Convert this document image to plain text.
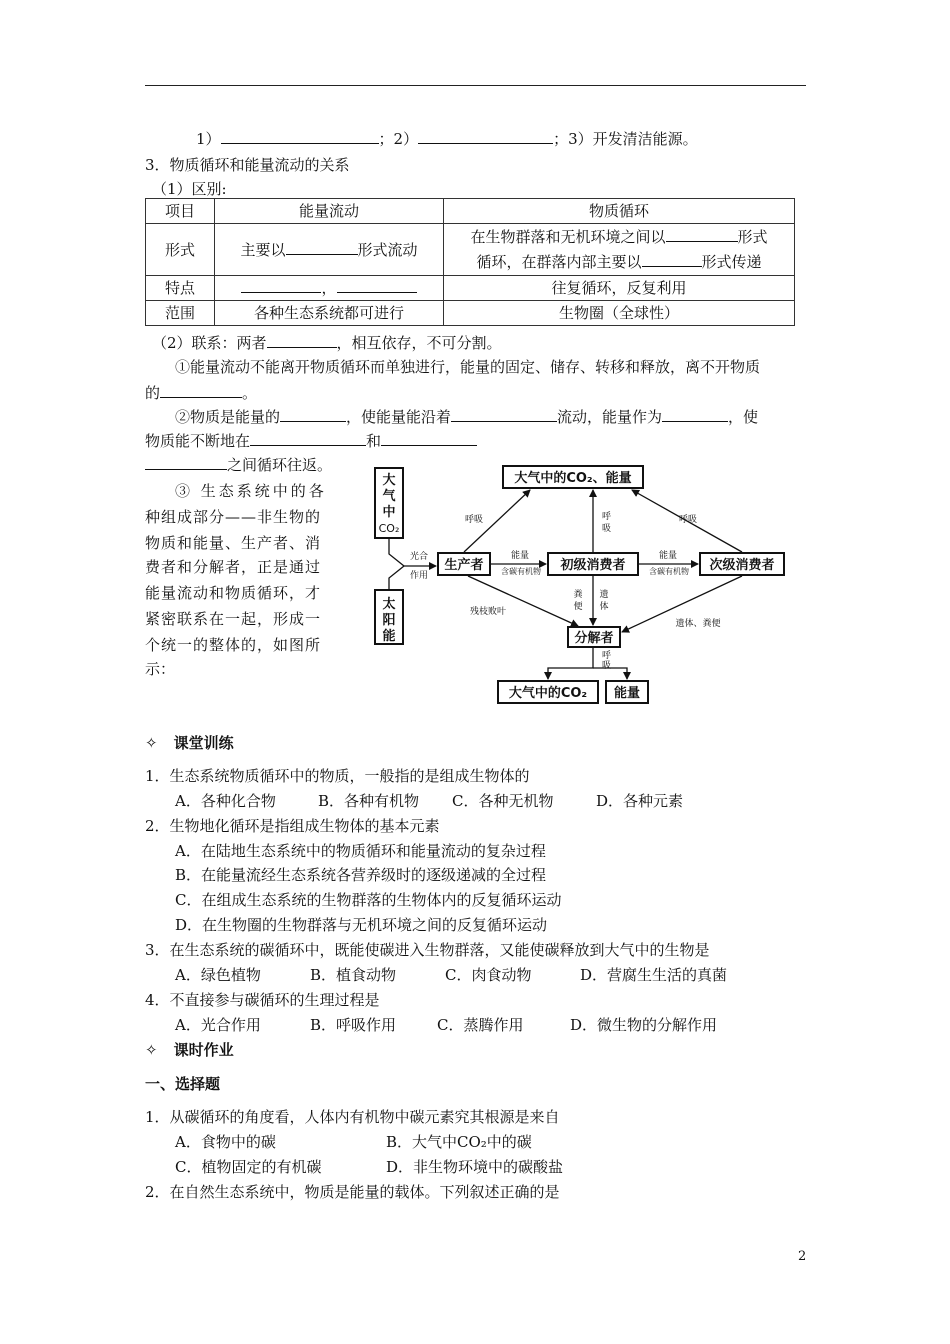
1）	；2）	；3）开发清洁能源。
3．物质循环和能量流动的关系
（1）区别:
项目	能量流动	物质循环
形式	主要以 形式流动	在生物群落和无机环境之间以 形式
循环，在群落内部主要以 形式传递
特点	，	往复循环，反复利用
范围	各种生态系统都可进行	生物圈（全球性）
（2）联系：两者	，相互依存，不可分割。
①能量流动不能离开物质循环而单独进行，能量的固定、储存、转移和释放，离不开物质
的	。
②物质是能量的	，使能量能沿着	流动，能量作为	，使
物质能不断地在	和
之间循环往返。
③ 生态系统中的各
种组成部分——非生物的
物质和能量、生产者、消
费者和分解者，正是通过
能量流动和物质循环，才
紧密联系在一起，形成一
个统一的整体的，如图所
示：
大气中的CO₂、能量
大
气
中
CO₂
太
阳
能
光合
作用
生产者	初级消费者	次级消费者
分解者
呼吸	呼吸
呼
吸
能量
含碳有机物
能量
含碳有机物
残枝败叶
粪
便
遗
体
遗体、粪便
呼
吸
大气中的CO₂ 能量
✧ 课堂训练
1．生态系统物质循环中的物质，一般指的是组成生物体的
A．各种化合物	B．各种有机物 C．各种无机物	D．各种元素
2．生物地化循环是指组成生物体的基本元素
A．在陆地生态系统中的物质循环和能量流动的复杂过程
B．在能量流经生态系统各营养级时的逐级递减的全过程
C．在组成生态系统的生物群落的生物体内的反复循环运动
D．在生物圈的生物群落与无机环境之间的反复循环运动
3．在生态系统的碳循环中，既能使碳进入生物群落，又能使碳释放到大气中的生物是
A．绿色植物	B．植食动物	C．肉食动物	D．营腐生生活的真菌
4．不直接参与碳循环的生理过程是
A．光合作用	B．呼吸作用	C．蒸腾作用	D．微生物的分解作用
✧ 课时作业
一、选择题
1．从碳循环的角度看，人体内有机物中碳元素究其根源是来自
A．食物中的碳	B．大气中CO₂中的碳
C．植物固定的有机碳	D．非生物环境中的碳酸盐
2．在自然生态系统中，物质是能量的载体。下列叙述正确的是
2
